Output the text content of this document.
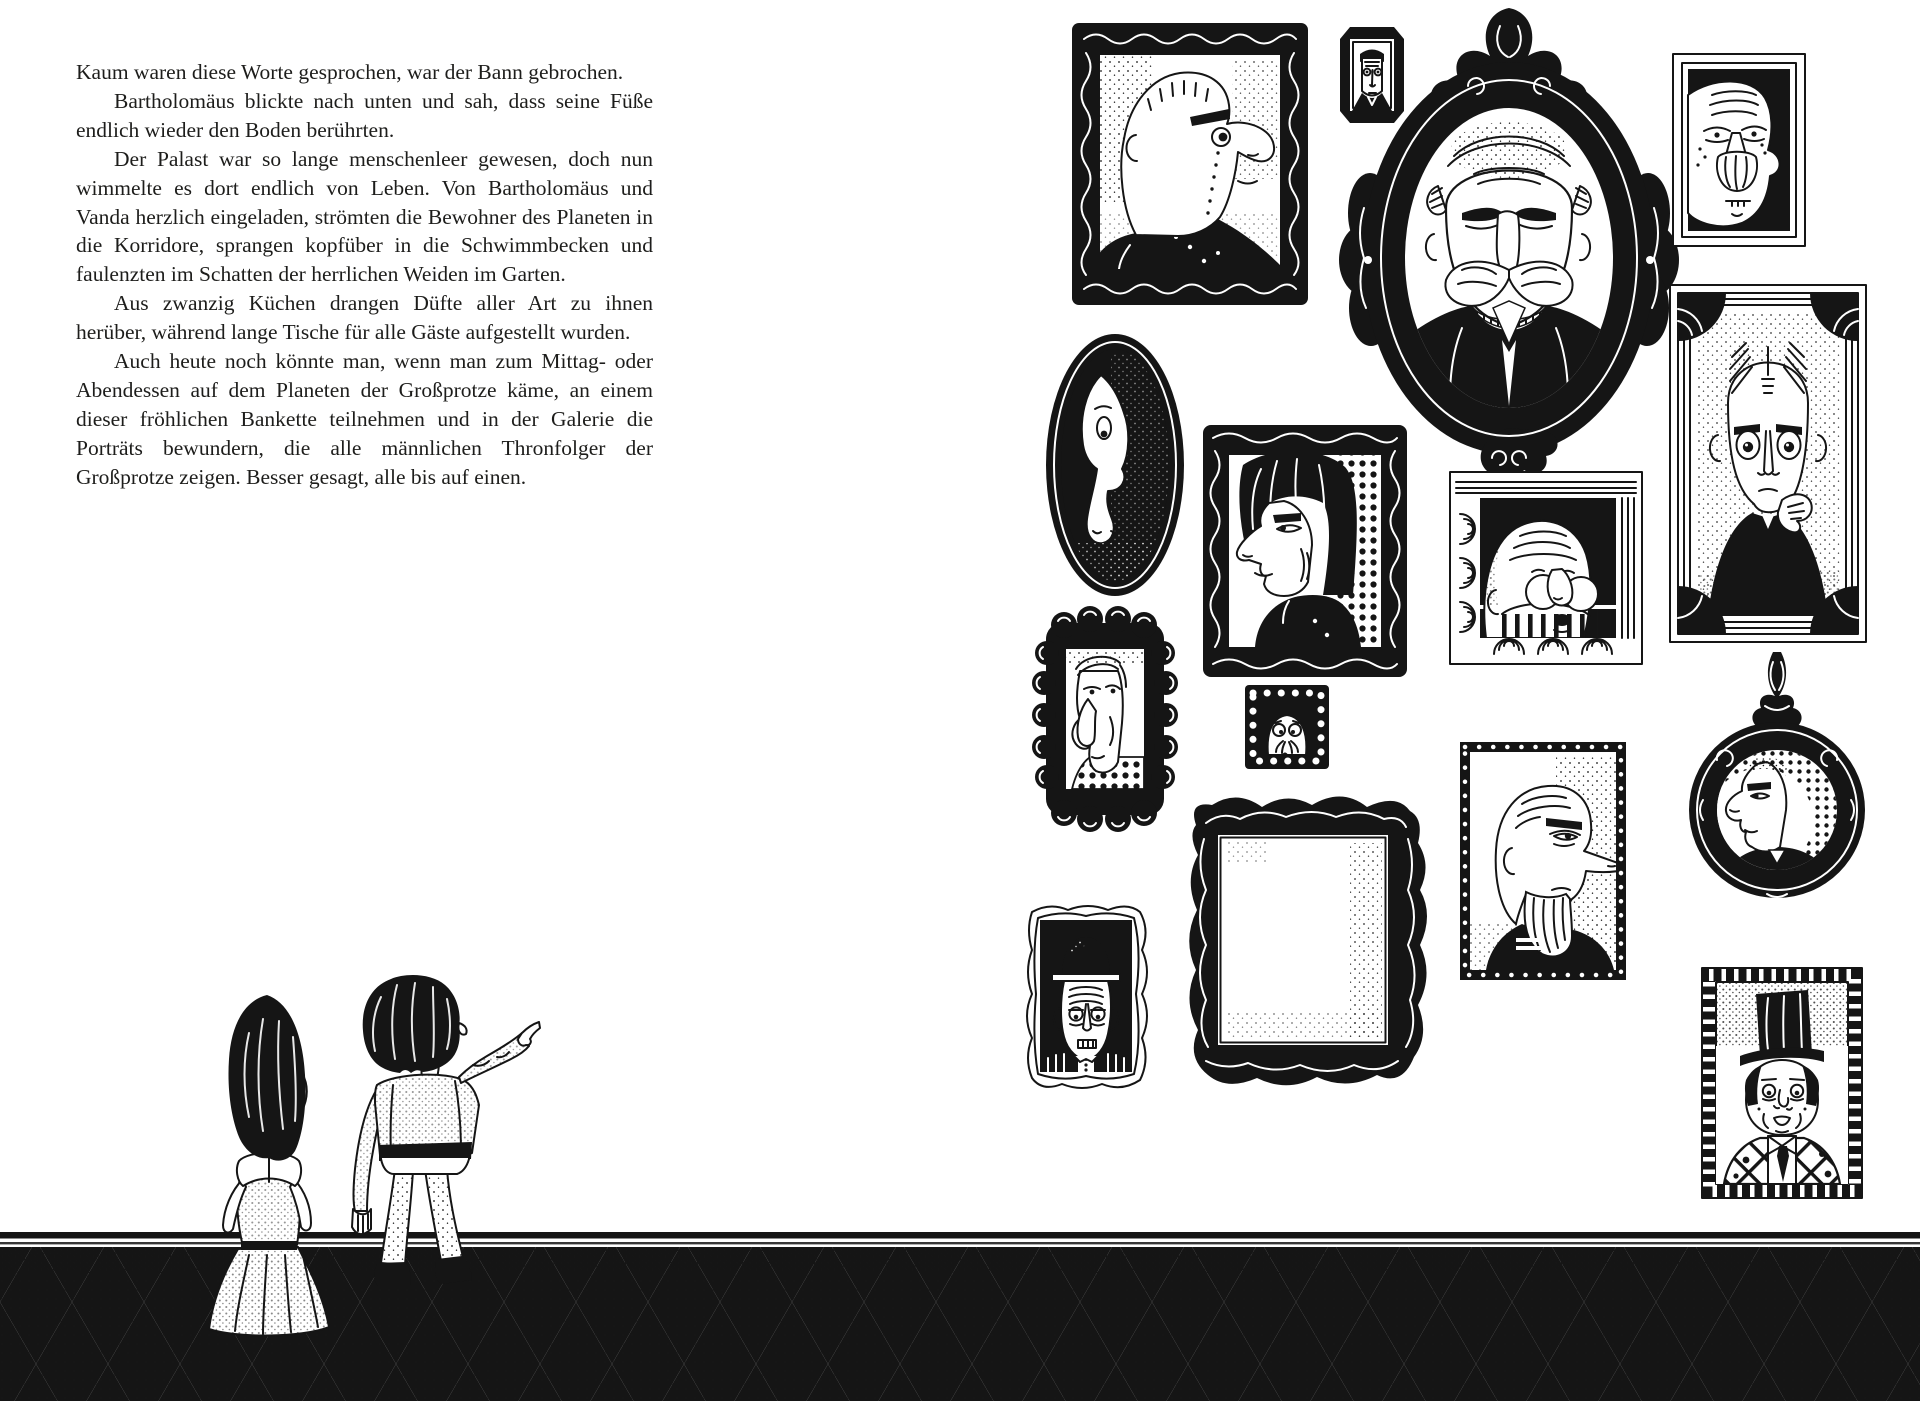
Kaum waren diese Worte gesprochen, war der Bann gebrochen.

Bartholomäus blickte nach unten und sah, dass seine Füße endlich wieder den Boden berührten.

Der Palast war so lange menschenleer gewesen, doch nun wimmelte es dort endlich von Leben. Von Bartholomäus und Vanda herzlich eingeladen, strömten die Bewohner des Planeten in die Korridore, sprangen kopfüber in die Schwimmbecken und faulenzten im Schatten der herrlichen Weiden im Garten.

Aus zwanzig Küchen drangen Düfte aller Art zu ihnen herüber, während lange Tische für alle Gäste aufgestellt wurden.

Auch heute noch könnte man, wenn man zum Mittag- oder Abendessen auf dem Planeten der Großprotze käme, an einem dieser fröhlichen Bankette teilnehmen und in der Galerie die Porträts bewundern, die alle männlichen Thronfolger der Großprotze zeigen. Besser gesagt, alle bis auf einen.
